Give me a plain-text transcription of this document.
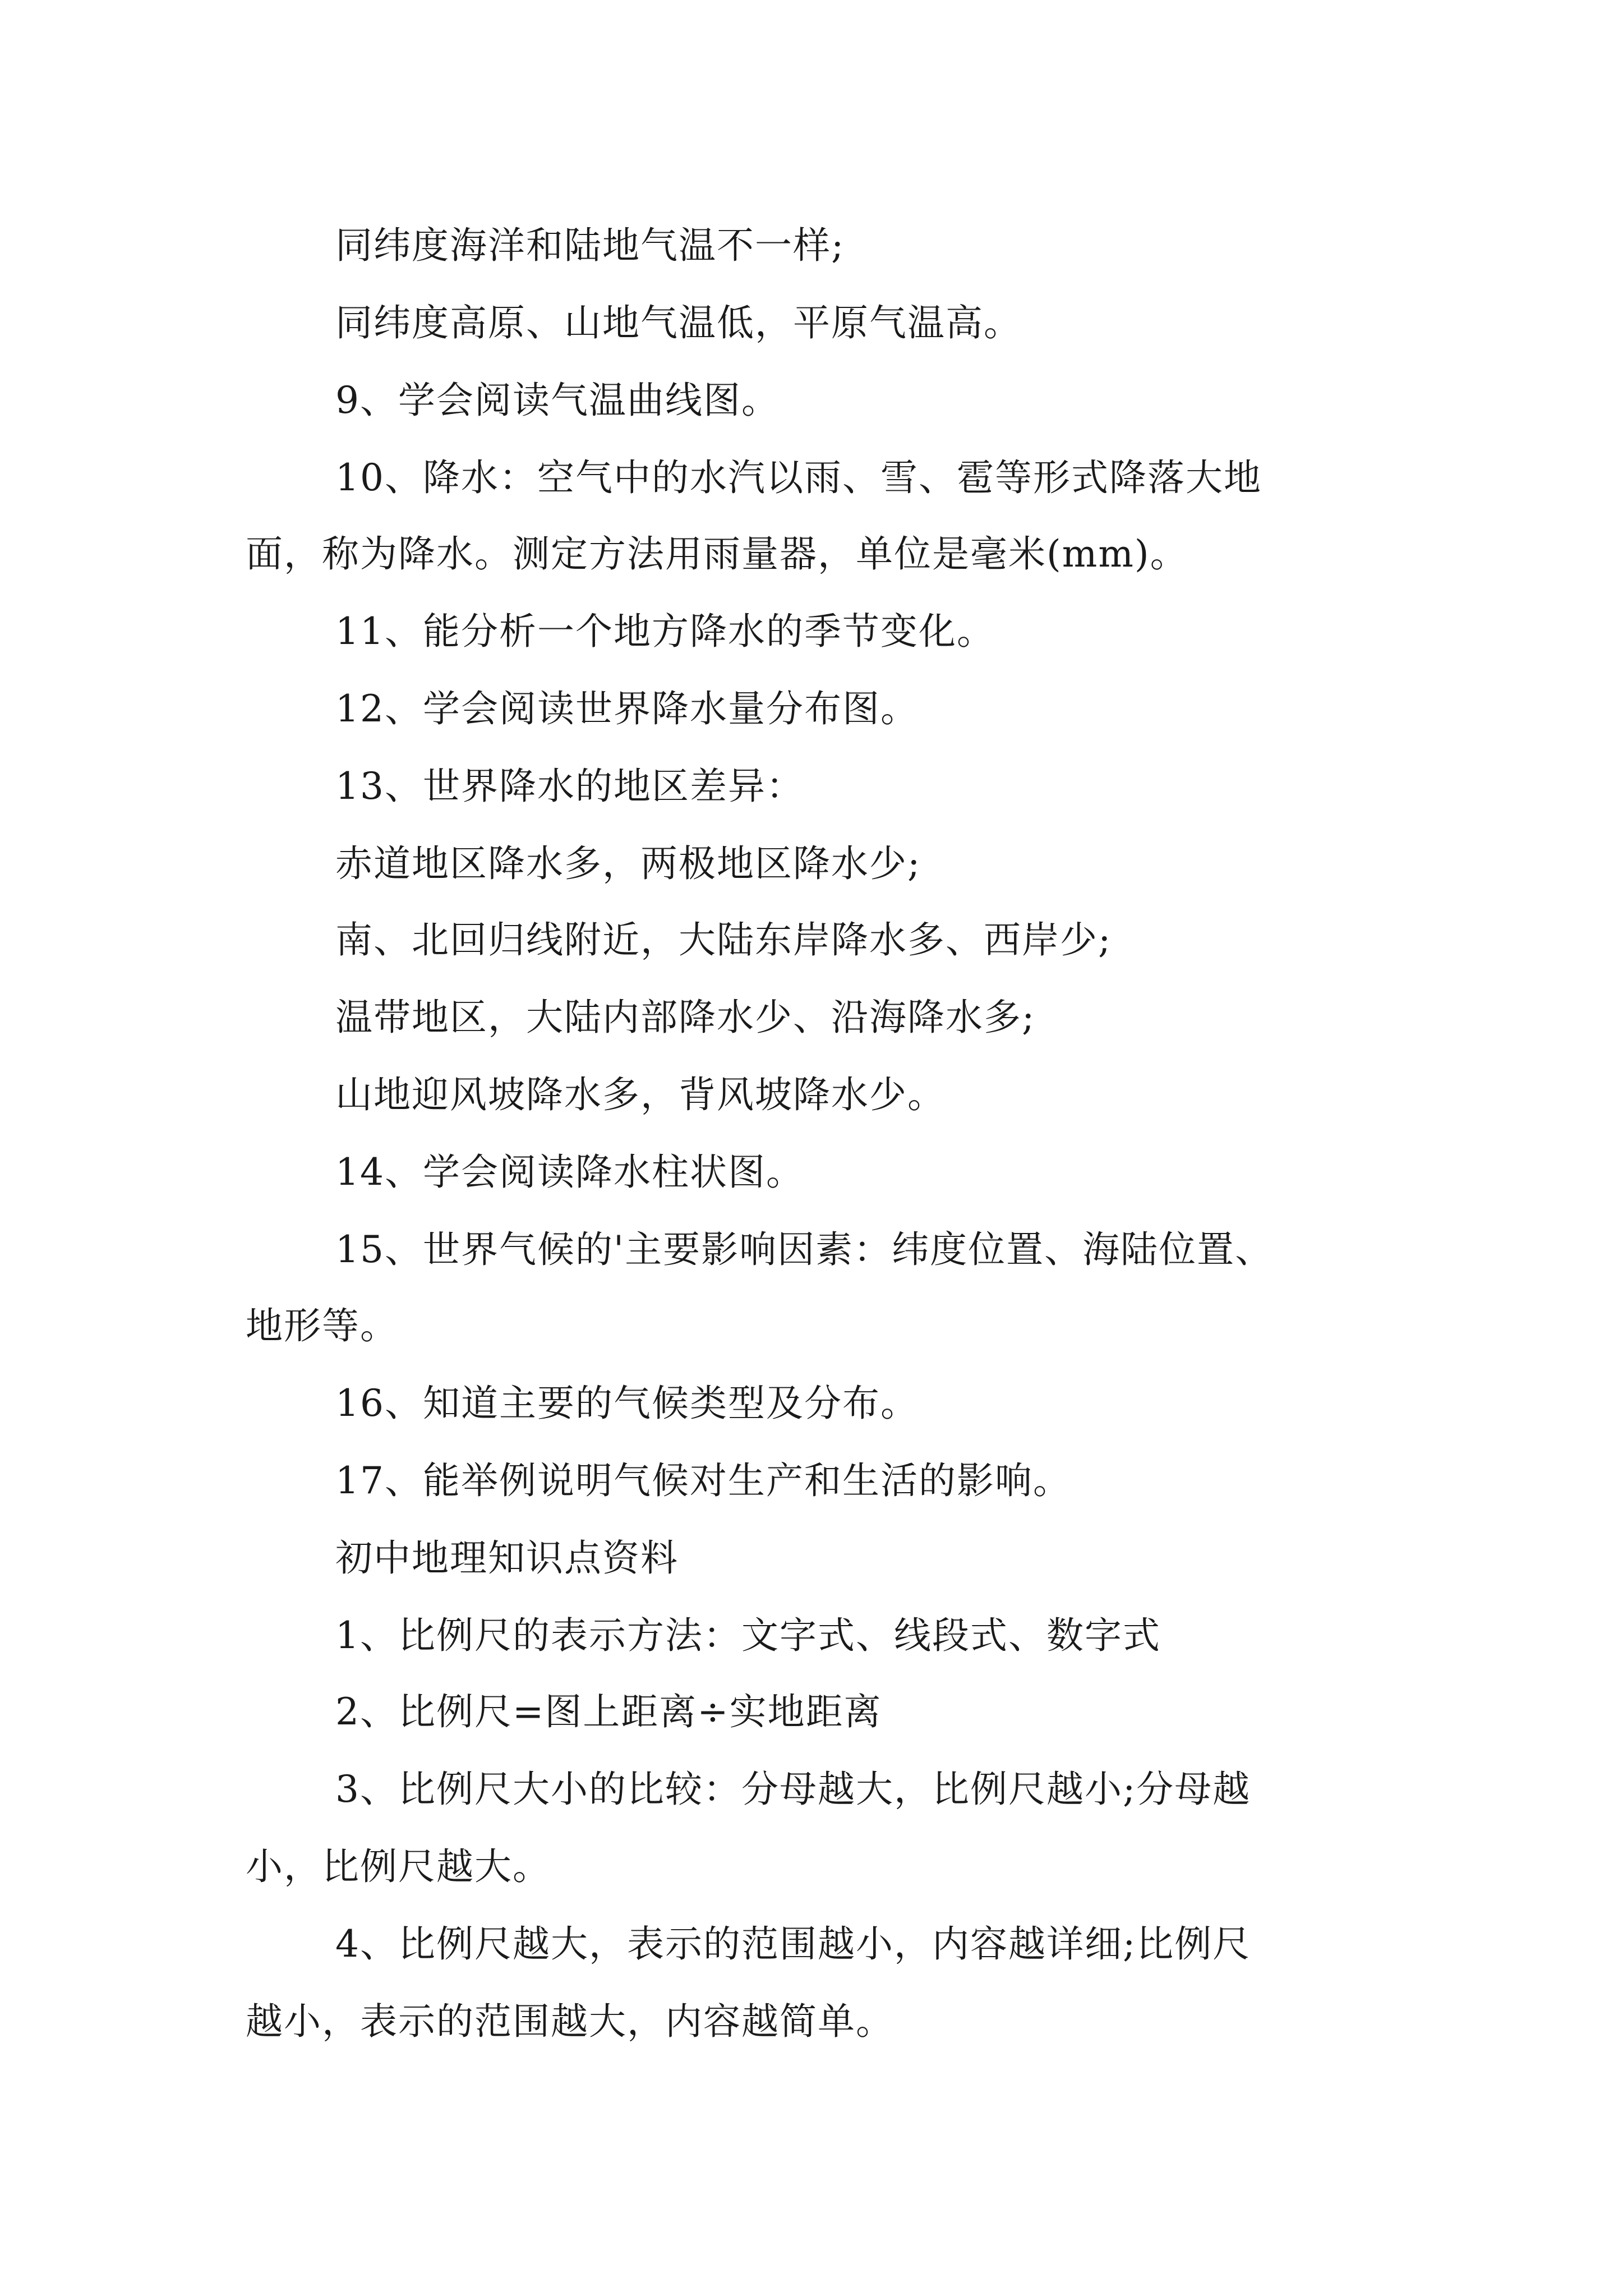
同纬度海洋和陆地气温不一样;
同纬度高原、山地气温低，平原气温高。
9、学会阅读气温曲线图。
10、降水：空气中的水汽以雨、雪、雹等形式降落大地
面，称为降水。测定方法用雨量器，单位是毫米(mm)。
11、能分析一个地方降水的季节变化。
12、学会阅读世界降水量分布图。
13、世界降水的地区差异：
赤道地区降水多，两极地区降水少;
南、北回归线附近，大陆东岸降水多、西岸少;
温带地区，大陆内部降水少、沿海降水多;
山地迎风坡降水多，背风坡降水少。
14、学会阅读降水柱状图。
15、世界气候的'主要影响因素：纬度位置、海陆位置、
地形等。
16、知道主要的气候类型及分布。
17、能举例说明气候对生产和生活的影响。
初中地理知识点资料
1、比例尺的表示方法：文字式、线段式、数字式
2、比例尺=图上距离÷实地距离
3、比例尺大小的比较：分母越大，比例尺越小;分母越
小，比例尺越大。
4、比例尺越大，表示的范围越小，内容越详细;比例尺
越小，表示的范围越大，内容越简单。
